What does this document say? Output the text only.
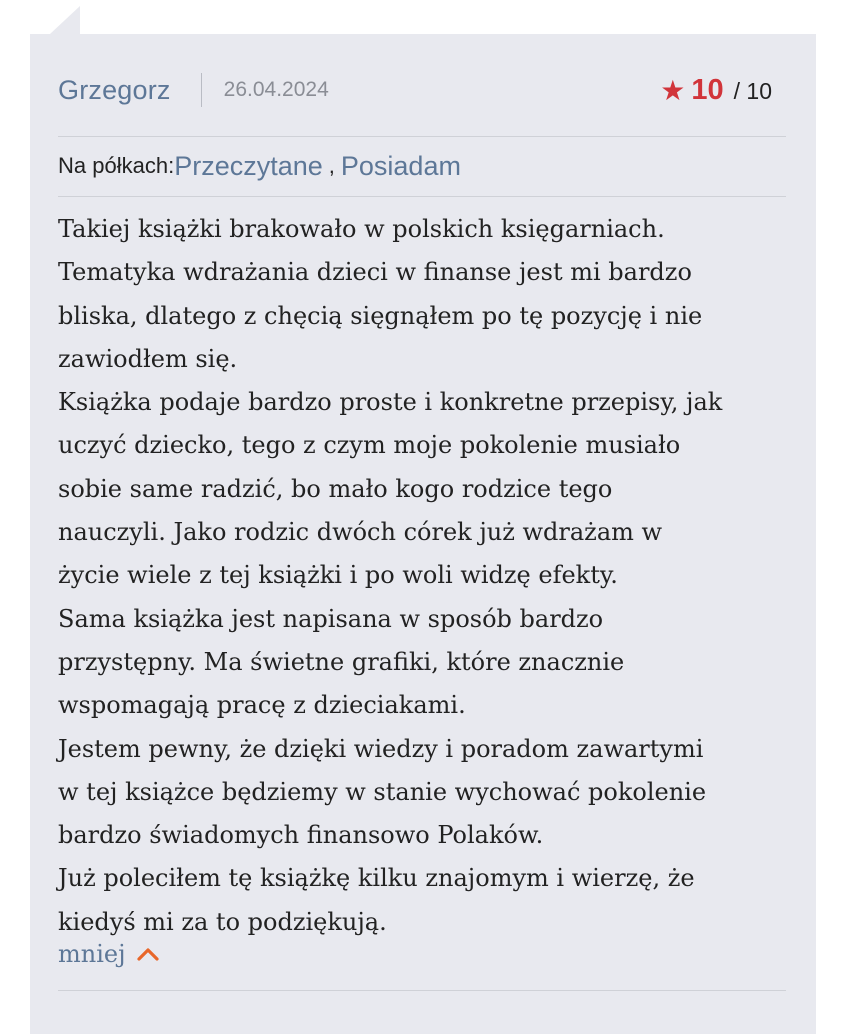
Grzegorz	26.04.2024	★ 10 / 10
Na półkach: Przeczytane , Posiadam

Takiej książki brakowało w polskich księgarniach.

Tematyka wdrażania dzieci w finanse jest mi bardzo

bliska, dlatego z chęcią sięgnąłem po tę pozycję i nie

zawiodłem się.

Książka podaje bardzo proste i konkretne przepisy, jak

uczyć dziecko, tego z czym moje pokolenie musiało

sobie same radzić, bo mało kogo rodzice tego

nauczyli. Jako rodzic dwóch córek już wdrażam w

życie wiele z tej książki i po woli widzę efekty.

Sama książka jest napisana w sposób bardzo

przystępny. Ma świetne grafiki, które znacznie

wspomagają pracę z dzieciakami.

Jestem pewny, że dzięki wiedzy i poradom zawartymi

w tej książce będziemy w stanie wychować pokolenie

bardzo świadomych finansowo Polaków.

Już poleciłem tę książkę kilku znajomym i wierzę, że

kiedyś mi za to podziękują.

mniej
